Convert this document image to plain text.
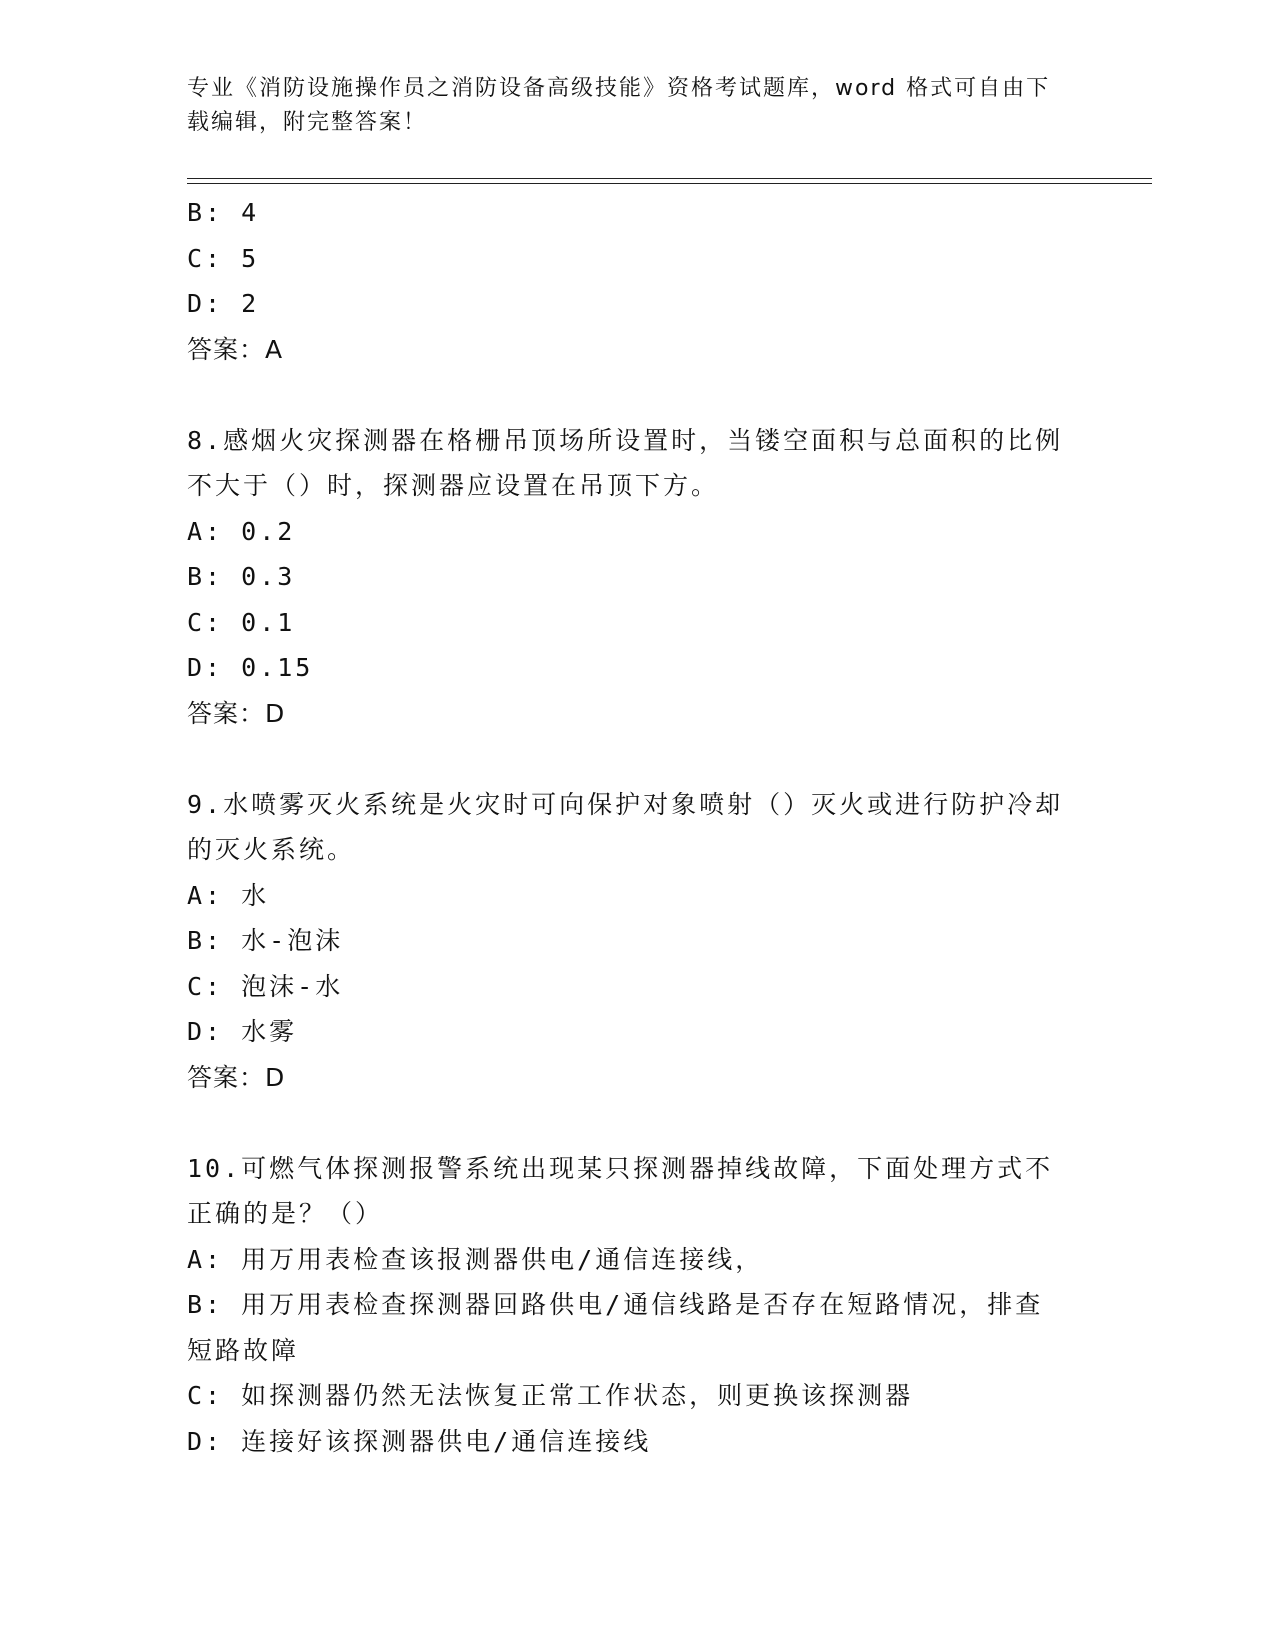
专业《消防设施操作员之消防设备高级技能》资格考试题库，word 格式可自由下载编辑，附完整答案！
B: 4
C: 5
D: 2
答案：A
8.感烟火灾探测器在格栅吊顶场所设置时，当镂空面积与总面积的比例不大于（）时，探测器应设置在吊顶下方。
A: 0.2
B: 0.3
C: 0.1
D: 0.15
答案：D
9.水喷雾灭火系统是火灾时可向保护对象喷射（）灭火或进行防护冷却的灭火系统。
A: 水
B: 水-泡沫
C: 泡沫-水
D: 水雾
答案：D
10.可燃气体探测报警系统出现某只探测器掉线故障，下面处理方式不正确的是？（）
A: 用万用表检查该报测器供电/通信连接线，
B: 用万用表检查探测器回路供电/通信线路是否存在短路情况，排查短路故障
C: 如探测器仍然无法恢复正常工作状态，则更换该探测器
D: 连接好该探测器供电/通信连接线
